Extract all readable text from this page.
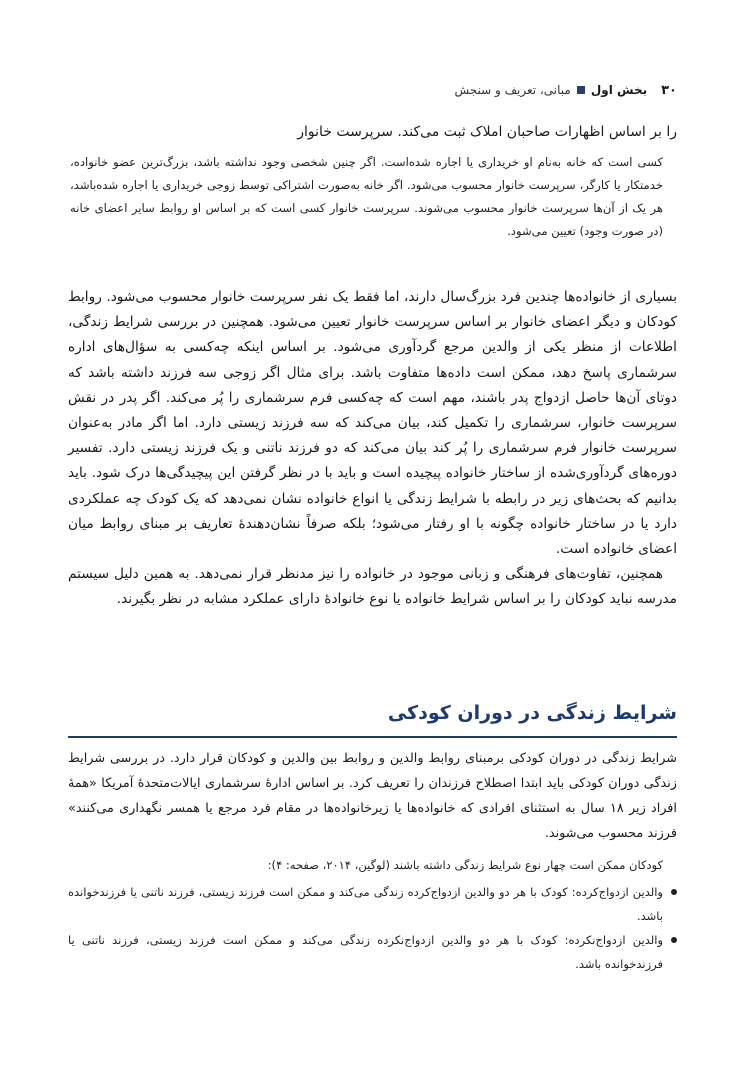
۳۰
بخش اول
مبانی، تعریف و سنجش

را بر اساس اظهارات صاحبان املاک ثبت می‌کند. سرپرست خانوار

کسی است که خانه به‌نام او خریداری یا اجاره شده‌است. اگر چنین شخصی وجود نداشته باشد، بزرگ‌ترین عضو خانواده، خدمتکار یا کارگر، سرپرست خانوار محسوب می‌شود. اگر خانه به‌صورت اشتراکی توسط زوجی خریداری یا اجاره شده‌باشد، هر یک از آن‌ها سرپرست خانوار محسوب می‌شوند. سرپرست خانوار کسی است که بر اساس او روابط سایر اعضای خانه (در صورت وجود) تعیین می‌شود.

بسیاری از خانواده‌ها چندین فرد بزرگ‌سال دارند، اما فقط یک نفر سرپرست خانوار محسوب می‌شود. روابط کودکان و دیگر اعضای خانوار بر اساس سرپرست خانوار تعیین می‌شود. همچنین در بررسی شرایط زندگی، اطلاعات از منظر یکی از والدین مرجع گردآوری می‌شود. بر اساس اینکه چه‌کسی به سؤال‌های اداره سرشماری پاسخ دهد، ممکن است داده‌ها متفاوت باشد. برای مثال اگر زوجی سه فرزند داشته باشد که دوتای آن‌ها حاصل ازدواج پدر باشند، مهم است که چه‌کسی فرم سرشماری را پُر می‌کند. اگر پدر در نقش سرپرست خانوار، سرشماری را تکمیل کند، بیان می‌کند که سه فرزند زیستی دارد. اما اگر مادر به‌عنوان سرپرست خانوار فرم سرشماری را پُر کند بیان می‌کند که دو فرزند ناتنی و یک فرزند زیستی دارد. تفسیر دوره‌های گردآوری‌شده از ساختار خانواده پیچیده است و باید با در نظر گرفتن این پیچیدگی‌ها درک شود. باید بدانیم که بحث‌های زیر در رابطه با شرایط زندگی یا انواع خانواده نشان نمی‌دهد که یک کودک چه عملکردی دارد یا در ساختار خانواده چگونه با او رفتار می‌شود؛ بلکه صرفاً نشان‌دهندهٔ تعاریف بر مبنای روابط میان اعضای خانواده است.

همچنین، تفاوت‌های فرهنگی و زبانی موجود در خانواده را نیز مدنظر قرار نمی‌دهد. به همین دلیل سیستم مدرسه نباید کودکان را بر اساس شرایط خانواده یا نوع خانوادهٔ دارای عملکرد مشابه در نظر بگیرند.

شرایط زندگی در دوران کودکی

شرایط زندگی در دوران کودکی برمبنای روابط والدین و روابط بین والدین و کودکان قرار دارد. در بررسی شرایط زندگی دوران کودکی باید ابتدا اصطلاح فرزندان را تعریف کرد. بر اساس ادارهٔ سرشماری ایالات‌متحدهٔ آمریکا «همهٔ افراد زیر ۱۸ سال به استثنای افرادی که خانواده‌ها یا زیرخانواده‌ها در مقام فرد مرجع یا همسر نگهداری می‌کنند» فرزند محسوب می‌شوند.

کودکان ممکن است چهار نوع شرایط زندگی داشته باشند (لوگین، ۲۰۱۴، صفحه: ۴):

والدین ازدواج‌کرده: کودک با هر دو والدین ازدواج‌کرده زندگی می‌کند و ممکن است فرزند زیستی، فرزند ناتنی یا فرزندخوانده باشد.
والدین ازدواج‌نکرده: کودک با هر دو والدین ازدواج‌نکرده زندگی می‌کند و ممکن است فرزند زیستی، فرزند ناتنی یا فرزندخوانده باشد.
